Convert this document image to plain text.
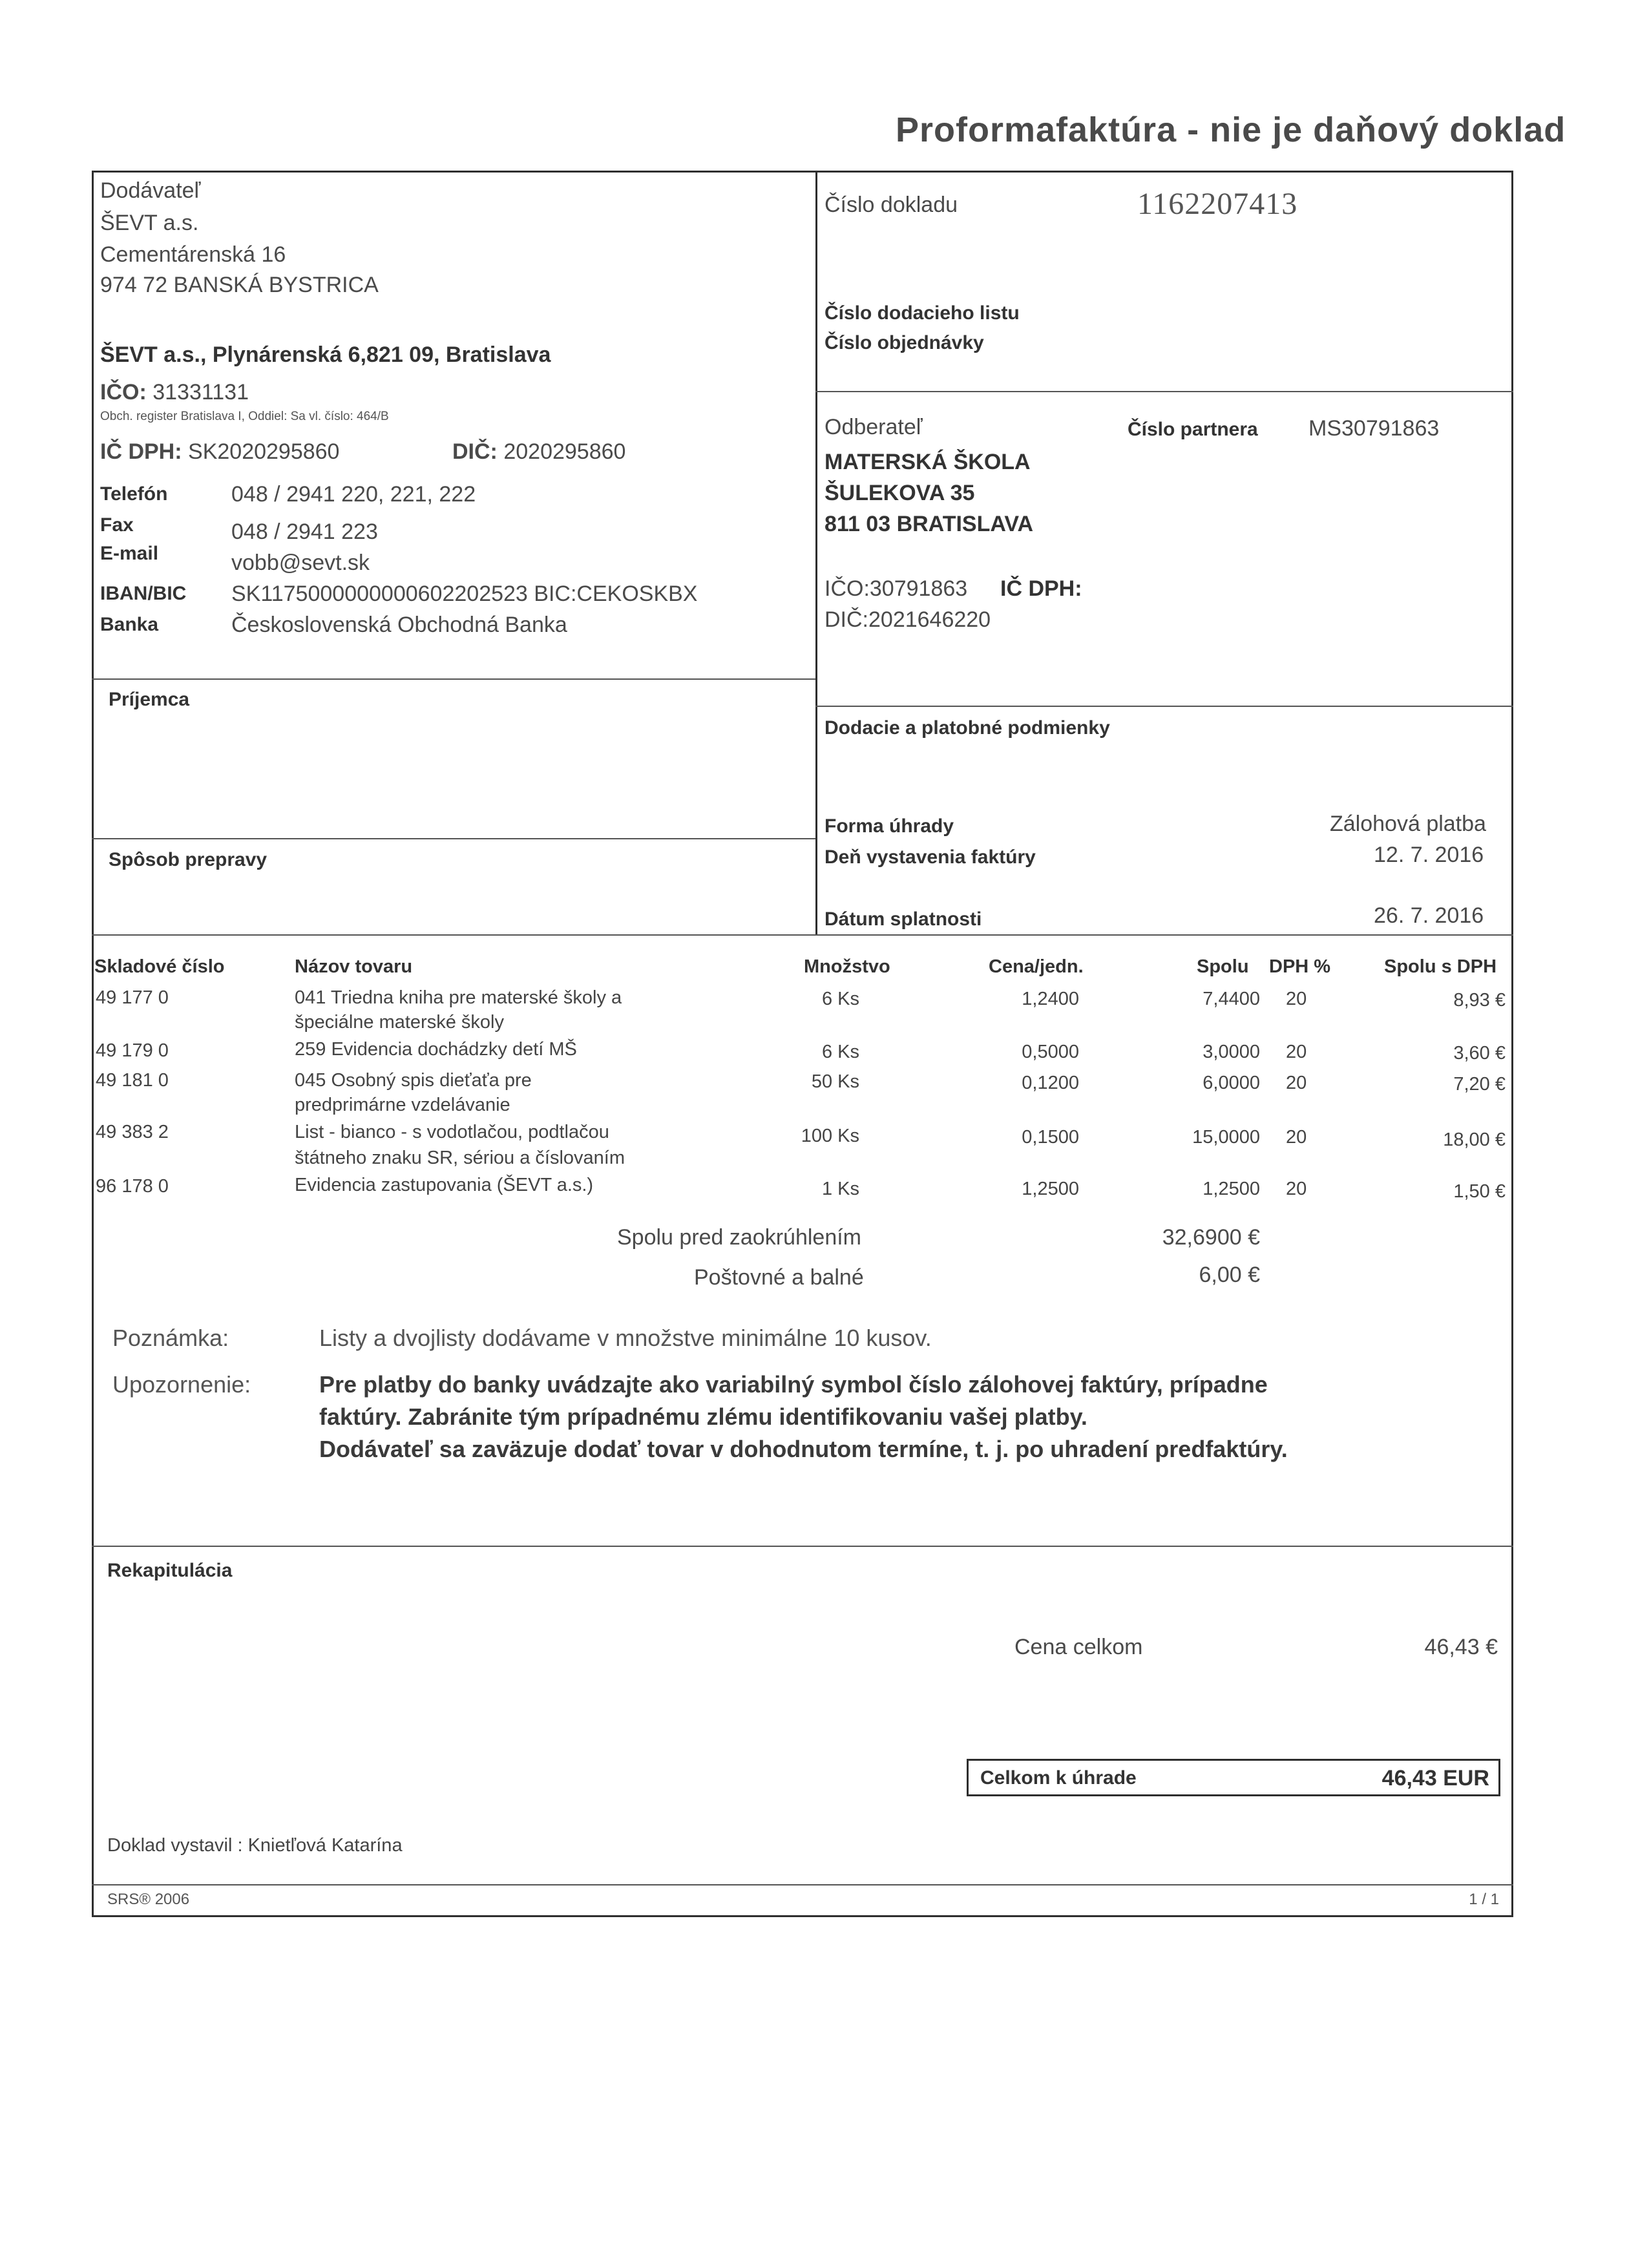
Proformafaktúra - nie je daňový doklad
Dodávateľ
ŠEVT a.s.
Cementárenská 16
974 72 BANSKÁ BYSTRICA
ŠEVT a.s., Plynárenská 6,821 09, Bratislava
IČO: 31331131
Obch. register Bratislava I, Oddiel: Sa vl. číslo: 464/B
IČ DPH: SK2020295860	DIČ: 2020295860
Telefón	048 / 2941 220, 221, 222
Fax	048 / 2941 223
E-mail	vobb@sevt.sk
IBAN/BIC SK1175000000000602202523 BIC:CEKOSKBX
Banka	Československá Obchodná Banka
Číslo dokladu	1162207413
Číslo dodacieho listu
Číslo objednávky
Odberateľ	Číslo partnera MS30791863
MATERSKÁ ŠKOLA
ŠULEKOVA 35
811 03 BRATISLAVA
IČO:30791863 IČ DPH:
DIČ:2021646220
Príjemca
Spôsob prepravy
Dodacie a platobné podmienky
Forma úhrady	Zálohová platba
Deň vystavenia faktúry	12. 7. 2016
Dátum splatnosti	26. 7. 2016
Skladové číslo	Názov tovaru	Množstvo	Cena/jedn.	Spolu DPH %	Spolu s DPH
49 177 0	041 Triedna kniha pre materské školy a
špeciálne materské školy
6 Ks	1,2400	7,4400 20	8,93 €
49 179 0	259 Evidencia dochádzky detí MŠ	6 Ks	0,5000	3,0000 20	3,60 €
49 181 0	045 Osobný spis dieťaťa pre
predprimárne vzdelávanie
50 Ks	0,1200	6,0000 20	7,20 €
49 383 2	List - bianco - s vodotlačou, podtlačou
štátneho znaku SR, sériou a číslovaním
100 Ks	0,1500	15,0000 20	18,00 €
96 178 0	Evidencia zastupovania (ŠEVT a.s.)	1 Ks	1,2500	1,2500 20	1,50 €
Spolu pred zaokrúhlením	32,6900 €
Poštovné a balné	6,00 €
Poznámka:	Listy a dvojlisty dodávame v množstve minimálne 10 kusov.
Upozornenie:	Pre platby do banky uvádzajte ako variabilný symbol číslo zálohovej faktúry, prípadne
faktúry. Zabránite tým prípadnému zlému identifikovaniu vašej platby.
Dodávateľ sa zaväzuje dodať tovar v dohodnutom termíne, t. j. po uhradení predfaktúry.
Rekapitulácia
Cena celkom	46,43 €
Celkom k úhrade	46,43 EUR
Doklad vystavil : Knietľová Katarína
SRS® 2006	1 / 1
